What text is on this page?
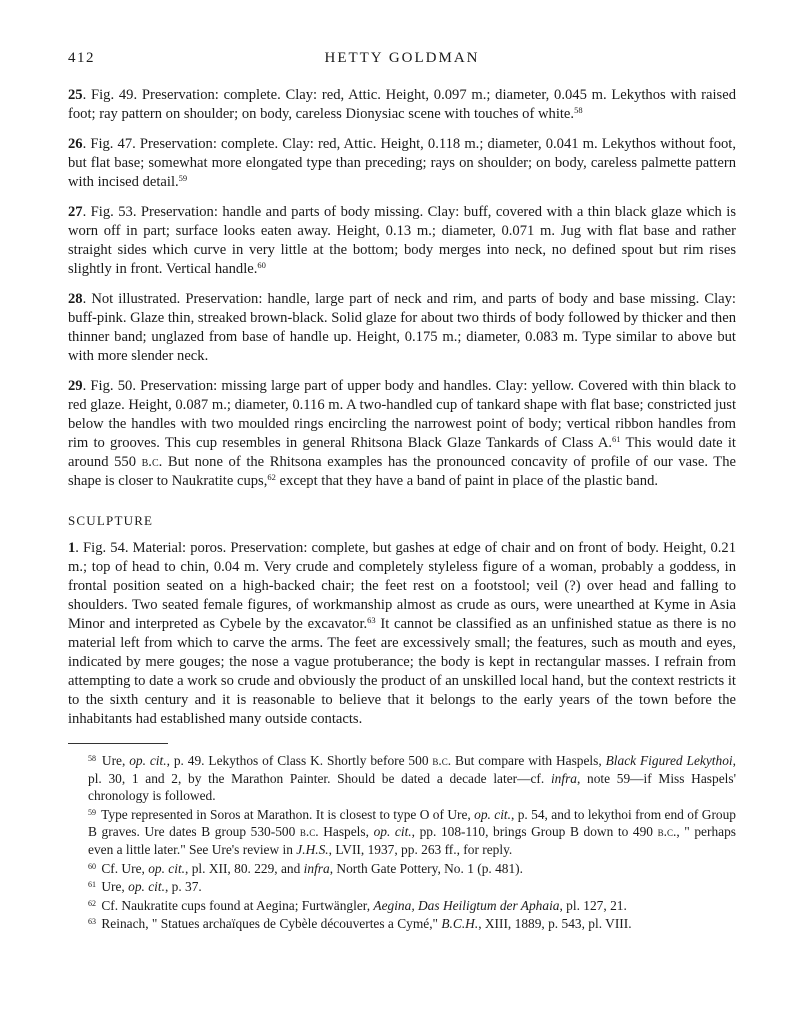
412	HETTY GOLDMAN

25. Fig. 49. Preservation: complete. Clay: red, Attic. Height, 0.097 m.; diameter, 0.045 m. Lekythos with raised foot; ray pattern on shoulder; on body, careless Dionysiac scene with touches of white.$^{58}$

26. Fig. 47. Preservation: complete. Clay: red, Attic. Height, 0.118 m.; diameter, 0.041 m. Lekythos without foot, but flat base; somewhat more elongated type than preceding; rays on shoulder; on body, careless palmette pattern with incised detail.$^{59}$

27. Fig. 53. Preservation: handle and parts of body missing. Clay: buff, covered with a thin black glaze which is worn off in part; surface looks eaten away. Height, 0.13 m.; diameter, 0.071 m. Jug with flat base and rather straight sides which curve in very little at the bottom; body merges into neck, no defined spout but rim rises slightly in front. Vertical handle.$^{60}$

28. Not illustrated. Preservation: handle, large part of neck and rim, and parts of body and base missing. Clay: buff-pink. Glaze thin, streaked brown-black. Solid glaze for about two thirds of body followed by thicker and then thinner band; unglazed from base of handle up. Height, 0.175 m.; diameter, 0.083 m. Type similar to above but with more slender neck.

29. Fig. 50. Preservation: missing large part of upper body and handles. Clay: yellow. Covered with thin black to red glaze. Height, 0.087 m.; diameter, 0.116 m. A two-handled cup of tankard shape with flat base; constricted just below the handles with two moulded rings encircling the narrowest point of body; vertical ribbon handles from rim to grooves. This cup resembles in general Rhitsona Black Glaze Tankards of Class A.$^{61}$ This would date it around 550 b.c. But none of the Rhitsona examples has the pronounced concavity of profile of our vase. The shape is closer to Naukratite cups,$^{62}$ except that they have a band of paint in place of the plastic band.

SCULPTURE

1. Fig. 54. Material: poros. Preservation: complete, but gashes at edge of chair and on front of body. Height, 0.21 m.; top of head to chin, 0.04 m. Very crude and completely styleless figure of a woman, probably a goddess, in frontal position seated on a high-backed chair; the feet rest on a footstool; veil (?) over head and falling to shoulders. Two seated female figures, of workmanship almost as crude as ours, were unearthed at Kyme in Asia Minor and interpreted as Cybele by the excavator.$^{63}$ It cannot be classified as an unfinished statue as there is no material left from which to carve the arms. The feet are excessively small; the features, such as mouth and eyes, indicated by mere gouges; the nose a vague protuberance; the body is kept in rectangular masses. I refrain from attempting to date a work so crude and obviously the product of an unskilled local hand, but the context restricts it to the sixth century and it is reasonable to believe that it belongs to the early years of the town before the inhabitants had established many outside contacts.

$^{58}$ Ure, op. cit., p. 49. Lekythos of Class K. Shortly before 500 b.c. But compare with Haspels, Black Figured Lekythoi, pl. 30, 1 and 2, by the Marathon Painter. Should be dated a decade later—cf. infra, note 59—if Miss Haspels' chronology is followed.

$^{59}$ Type represented in Soros at Marathon. It is closest to type O of Ure, op. cit., p. 54, and to lekythoi from end of Group B graves. Ure dates B group 530-500 b.c. Haspels, op. cit., pp. 108-110, brings Group B down to 490 b.c., " perhaps even a little later." See Ure's review in J.H.S., LVII, 1937, pp. 263 ff., for reply.

$^{60}$ Cf. Ure, op. cit., pl. XII, 80. 229, and infra, North Gate Pottery, No. 1 (p. 481).

$^{61}$ Ure, op. cit., p. 37.

$^{62}$ Cf. Naukratite cups found at Aegina; Furtwängler, Aegina, Das Heiligtum der Aphaia, pl. 127, 21.

$^{63}$ Reinach, " Statues archaïques de Cybèle découvertes a Cymé," B.C.H., XIII, 1889, p. 543, pl. VIII.
